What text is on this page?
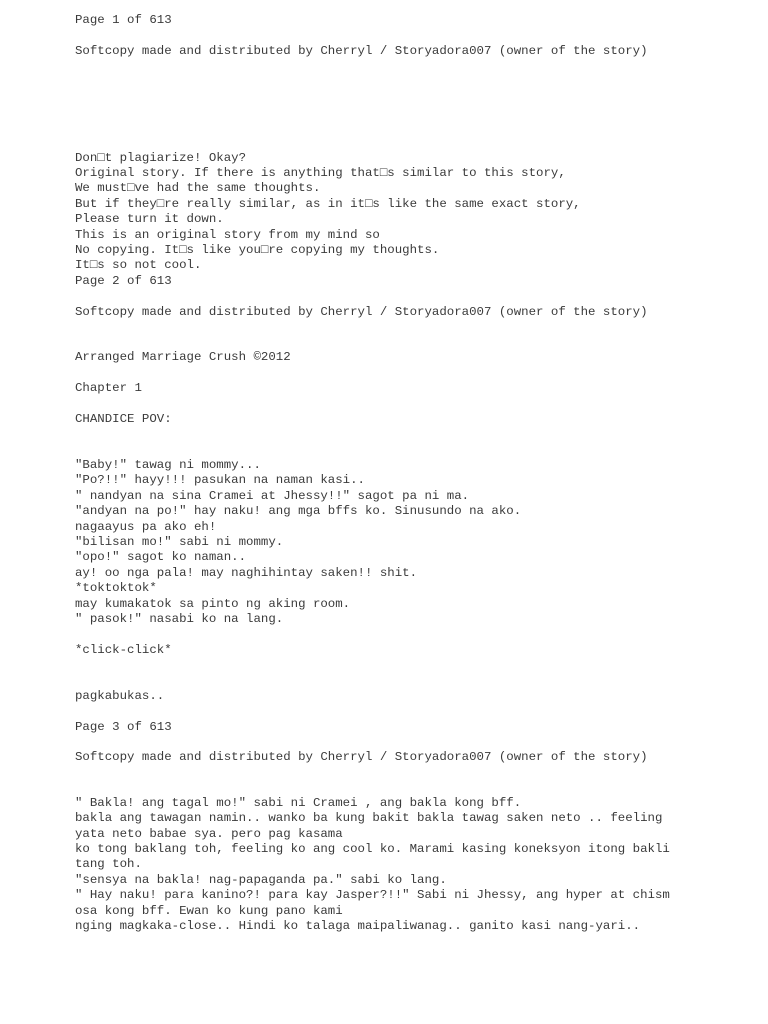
Page 1 of 613

Softcopy made and distributed by Cherryl / Storyadora007 (owner of the story)

Don□t plagiarize! Okay?

Original story. If there is anything that□s similar to this story,

We must□ve had the same thoughts.

But if they□re really similar, as in it□s like the same exact story,

Please turn it down.

This is an original story from my mind so

No copying. It□s like you□re copying my thoughts.

It□s so not cool.

Page 2 of 613

Softcopy made and distributed by Cherryl / Storyadora007 (owner of the story)

Arranged Marriage Crush ©2012

Chapter 1

CHANDICE POV:

"Baby!" tawag ni mommy...

"Po?!!" hayy!!! pasukan na naman kasi..

" nandyan na sina Cramei at Jhessy!!" sagot pa ni ma.

"andyan na po!" hay naku! ang mga bffs ko. Sinusundo na ako.

nagaayus pa ako eh!

"bilisan mo!" sabi ni mommy.

"opo!" sagot ko naman..

ay! oo nga pala! may naghihintay saken!! shit.

*toktoktok*

may kumakatok sa pinto ng aking room.

" pasok!" nasabi ko na lang.

*click-click*

pagkabukas..

Page 3 of 613

Softcopy made and distributed by Cherryl / Storyadora007 (owner of the story)

" Bakla! ang tagal mo!" sabi ni Cramei , ang bakla kong bff.

bakla ang tawagan namin.. wanko ba kung bakit bakla tawag saken neto .. feeling

yata neto babae sya. pero pag kasama

ko tong baklang toh, feeling ko ang cool ko. Marami kasing koneksyon itong bakli

tang toh.

"sensya na bakla! nag-papaganda pa." sabi ko lang.

" Hay naku! para kanino?! para kay Jasper?!!" Sabi ni Jhessy, ang hyper at chism

osa kong bff. Ewan ko kung pano kami

nging magkaka-close.. Hindi ko talaga maipaliwanag.. ganito kasi nang-yari..
